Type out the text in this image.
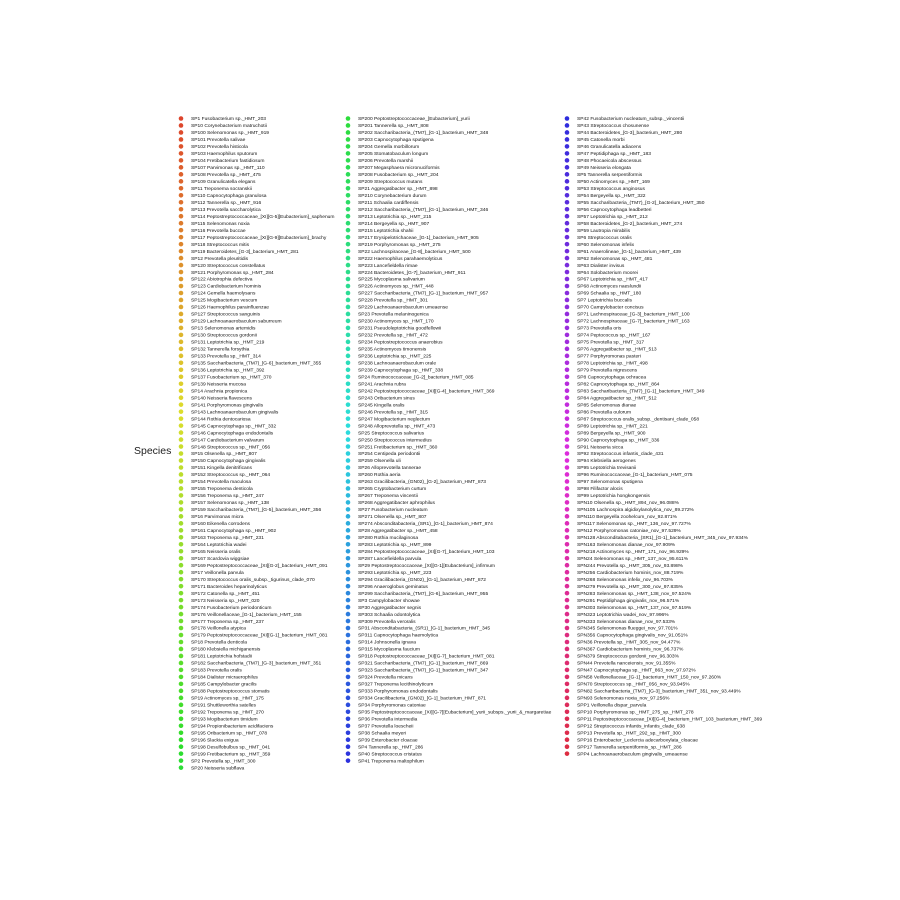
Species
SP1 Fusobacterium sp._HMT_203
SP10 Corynebacterium matruchotii
SP100 Selenomonas sp._HMT_919
SP101 Prevotella salivae
SP102 Prevotella histicola
SP103 Haemophilus sputorum
SP104 Fretibacterium fastidiosum
SP107 Parvimonas sp._HMT_110
SP108 Prevotella sp._HMT_475
SP109 Granulicatella elegans
SP11 Treponema socranskii
SP110 Capnocytophaga granulosa
SP112 Tannerella sp._HMT_916
SP113 Prevotella saccharolytica
SP114 Peptostreptococcaceae_[XI][G-5][Eubacterium]_saphenum
SP115 Selenomonas noxia
SP116 Prevotella buccae
SP117 Peptostreptococcaceae_[XI][G-9][Eubacterium]_brachy
SP118 Streptococcus mitis
SP119 Bacteroidetes_[G-3]_bacterium_HMT_281
SP12 Prevotella pleuritidis
SP120 Streptococcus constellatus
SP121 Porphyromonas sp._HMT_284
SP122 Abiotrophia defectiva
SP123 Cardiobacterium hominis
SP124 Gemella haemolysans
SP125 Mogibacterium vescum
SP126 Haemophilus parainfluenzae
SP127 Streptococcus sanguinis
SP129 Lachnoanaerobaculum saburreum
SP13 Selenomonas artemidis
SP130 Streptococcus gordonii
SP131 Leptotrichia sp._HMT_219
SP132 Tannerella forsythia
SP133 Prevotella sp._HMT_314
SP135 Saccharibacteria_(TM7)_[G-6]_bacterium_HMT_355
SP136 Leptotrichia sp._HMT_392
SP137 Fusobacterium sp._HMT_370
SP139 Neisseria mucosa
SP14 Arachnia propionica
SP140 Neisseria flavescens
SP141 Porphyromonas gingivalis
SP143 Lachnoanaerobaculum gingivalis
SP144 Rothia dentocariosa
SP145 Capnocytophaga sp._HMT_332
SP146 Capnocytophaga endodontalis
SP147 Cardiobacterium valvarum
SP148 Streptococcus sp._HMT_056
SP15 Olsenella sp._HMT_807
SP150 Capnocytophaga gingivalis
SP151 Kingella denitrificans
SP152 Streptococcus sp._HMT_064
SP154 Prevotella maculosa
SP155 Treponema denticola
SP156 Treponema sp._HMT_247
SP157 Selenomonas sp._HMT_138
SP159 Saccharibacteria_(TM7)_[G-5]_bacterium_HMT_356
SP16 Parvimonas micra
SP160 Eikenella corrodens
SP161 Capnocytophaga sp._HMT_902
SP163 Treponema sp._HMT_231
SP164 Leptotrichia wadei
SP165 Neisseria oralis
SP167 Scardovia wiggsiae
SP169 Peptostreptococcaceae_[XI][G-2]_bacterium_HMT_091
SP17 Veillonella parvula
SP170 Streptococcus oralis_subsp._tigurinus_clade_070
SP171 Bacteroides heparinolyticus
SP172 Catonella sp._HMT_451
SP173 Neisseria sp._HMT_020
SP174 Fusobacterium periodonticum
SP176 Veillonellaceae_[G-1]_bacterium_HMT_155
SP177 Treponema sp._HMT_237
SP178 Veillonella atypica
SP179 Peptostreptococcaceae_[XI][G-1]_bacterium_HMT_081
SP18 Prevotella denticola
SP180 Klebsiella michiganensis
SP181 Leptotrichia hofstadii
SP182 Saccharibacteria_(TM7)_[G-3]_bacterium_HMT_351
SP183 Prevotella oralis
SP184 Dialister micraerophilus
SP185 Campylobacter gracilis
SP188 Peptostreptococcus stomatis
SP19 Actinomyces sp._HMT_175
SP191 Shuttleworthia satelles
SP192 Treponema sp._HMT_270
SP193 Mogibacterium timidum
SP194 Propionibacterium acidifaciens
SP195 Oribacterium sp._HMT_078
SP196 Slackia exigua
SP198 Desulfobulbus sp._HMT_041
SP199 Fretibacterium sp._HMT_359
SP2 Prevotella sp._HMT_300
SP20 Neisseria subflava
SP200 Peptostreptococcaceae_[Eubacterium]_yurii
SP201 Tannerella sp._HMT_808
SP202 Saccharibacteria_(TM7)_[G-1]_bacterium_HMT_348
SP203 Capnocytophaga sputigena
SP204 Gemella morbillorum
SP205 Stomatobaculum longum
SP206 Prevotella marshii
SP207 Megasphaera micronuciformis
SP208 Fusobacterium sp._HMT_204
SP209 Streptococcus mutans
SP21 Aggregatibacter sp._HMT_898
SP210 Corynebacterium durum
SP211 Schaalia cardiffensis
SP212 Saccharibacteria_(TM7)_[G-1]_bacterium_HMT_346
SP213 Leptotrichia sp._HMT_215
SP214 Bergeyella sp._HMT_907
SP215 Leptotrichia shahii
SP217 Erysipelotrichaceae_[G-1]_bacterium_HMT_905
SP219 Porphyromonas sp._HMT_275
SP22 Lachnospiraceae_[G-8]_bacterium_HMT_500
SP222 Haemophilus parahaemolyticus
SP223 Lancefieldella rimae
SP224 Bacteroidetes_[G-7]_bacterium_HMT_911
SP225 Mycoplasma salivarium
SP226 Actinomyces sp._HMT_448
SP227 Saccharibacteria_(TM7)_[G-1]_bacterium_HMT_957
SP228 Prevotella sp._HMT_301
SP229 Lachnoanaerobaculum umeaense
SP23 Prevotella melaninogenica
SP230 Actinomyces sp._HMT_170
SP231 Pseudoleptotrichia goodfellowii
SP232 Prevotella sp._HMT_472
SP234 Peptostreptococcus anaerobius
SP235 Actinomyces timonensis
SP236 Leptotrichia sp._HMT_225
SP238 Lachnoanaerobaculum orale
SP239 Capnocytophaga sp._HMT_338
SP24 Ruminococcaceae_[G-2]_bacterium_HMT_085
SP241 Arachnia rubra
SP242 Peptostreptococcaceae_[XI][G-4]_bacterium_HMT_369
SP243 Oribacterium sinus
SP245 Kingella oralis
SP246 Prevotella sp._HMT_315
SP247 Mogibacterium neglectum
SP248 Alloprevotella sp._HMT_473
SP25 Streptococcus salivarius
SP250 Streptococcus intermedius
SP251 Fretibacterium sp._HMT_360
SP254 Centipeda periodontii
SP259 Olsenella uli
SP26 Alloprevotella tannerae
SP260 Rothia aeria
SP263 Gracilibacteria_(GN02)_[G-2]_bacterium_HMT_873
SP265 Cryptobacterium curtum
SP267 Treponema vincentii
SP268 Aggregatibacter aphrophilus
SP27 Fusobacterium nucleatum
SP271 Olsenella sp._HMT_807
SP274 Absconditabacteria_(SR1)_[G-1]_bacterium_HMT_874
SP28 Aggregatibacter sp._HMT_458
SP280 Rothia mucilaginosa
SP283 Leptotrichia sp._HMT_899
SP284 Peptostreptococcaceae_[XI][G-7]_bacterium_HMT_103
SP287 Lancefieldella parvula
SP29 Peptostreptococcaceae_[XI][G-1][Eubacterium]_infirmum
SP293 Leptotrichia sp._HMT_223
SP294 Gracilibacteria_(GN02)_[G-1]_bacterium_HMT_872
SP296 Anaeroglobus geminatus
SP299 Saccharibacteria_(TM7)_[G-6]_bacterium_HMT_955
SP3 Campylobacter showae
SP30 Aggregatibacter segnis
SP303 Schaalia odontolytica
SP309 Prevotella veroralis
SP31 Absconditabacteria_(SR1)_[G-1]_bacterium_HMT_345
SP311 Capnocytophaga haemolytica
SP314 Johnsonella ignava
SP315 Mycoplasma faucium
SP318 Peptostreptococcaceae_[XI][G-7]_bacterium_HMT_081
SP321 Saccharibacteria_(TM7)_[G-1]_bacterium_HMT_869
SP323 Saccharibacteria_(TM7)_[G-1]_bacterium_HMT_347
SP324 Prevotella micans
SP327 Treponema lecithinolyticum
SP333 Porphyromonas endodontalis
SP334 Gracilibacteria_(GN02)_[G-1]_bacterium_HMT_871
SP34 Porphyromonas catoniae
SP35 Peptostreptococcaceae_[XI][G-7][Eubacterium]_yurii_subsps._yurii_&_margaretiae
SP36 Prevotella intermedia
SP37 Prevotella loescheii
SP38 Schaalia meyeri
SP39 Enterobacter cloacae
SP4 Tannerella sp._HMT_286
SP40 Streptococcus cristatus
SP41 Treponema maltophilum
SP42 Fusobacterium nucleatum_subsp._vincentii
SP43 Streptococcus chosunense
SP44 Bacteroidetes_[G-3]_bacterium_HMT_280
SP45 Catonella morbi
SP46 Granulicatella adiacens
SP47 Peptidiphaga sp._HMT_183
SP48 Phocaeicola abscessus
SP49 Neisseria elongata
SP5 Tannerella serpentiformis
SP50 Actinomyces sp._HMT_169
SP53 Streptococcus anginosus
SP54 Bergeyella sp._HMT_322
SP55 Saccharibacteria_(TM7)_[G-2]_bacterium_HMT_350
SP56 Capnocytophaga leadbetteri
SP57 Leptotrichia sp._HMT_212
SP58 Bacteroidetes_[G-2]_bacterium_HMT_274
SP59 Lautropia mirabilis
SP6 Streptococcus oralis
SP60 Selenomonas infelix
SP61 Anaerolineae_[G-1]_bacterium_HMT_439
SP62 Selenomonas sp._HMT_481
SP63 Dialister invisus
SP64 Solobacterium moorei
SP67 Leptotrichia sp._HMT_417
SP68 Actinomyces naeslundii
SP69 Schaalia sp._HMT_180
SP7 Leptotrichia buccalis
SP70 Campylobacter concisus
SP71 Lachnospiraceae_[G-3]_bacterium_HMT_100
SP72 Lachnospiraceae_[G-7]_bacterium_HMT_163
SP73 Prevotella oris
SP74 Peptococcus sp._HMT_167
SP75 Prevotella sp._HMT_317
SP76 Aggregatibacter sp._HMT_513
SP77 Porphyromonas pasteri
SP78 Leptotrichia sp._HMT_498
SP79 Prevotella nigrescens
SP8 Capnocytophaga ochracea
SP82 Capnocytophaga sp._HMT_864
SP83 Saccharibacteria_(TM7)_[G-1]_bacterium_HMT_349
SP84 Aggregatibacter sp._HMT_512
SP85 Selenomonas dianae
SP86 Prevotella oulorum
SP87 Streptococcus oralis_subsp._dentisani_clade_058
SP89 Leptotrichia sp._HMT_221
SP89 Bergeyella sp._HMT_900
SP90 Capnocytophaga sp._HMT_336
SP91 Neisseria sicca
SP92 Streptococcus infantis_clade_431
SP94 Klebsiella aerogenes
SP95 Leptotrichia trevisanii
SP96 Ruminococcaceae_[G-1]_bacterium_HMT_075
SP97 Selenomonas sputigena
SP98 Filifactor alocis
SP99 Leptotrichia hongkongensis
SPN10 Olsenella sp._HMT_894_nov_96.088%
SPN105 Lachnospira algidixylanolytica_nov_89.272%
SPN110 Bergeyella zoohelcum_nov_92.871%
SPN117 Selenomonas sp._HMT_136_nov_97.727%
SPN12 Porphyromonas catoniae_nov_97.529%
SPN128 Absconditabacteria_(SR1)_[G-1]_bacterium_HMT_345_nov_97.934%
SPN163 Selenomonas dianae_nov_97.909%
SPN218 Actinomyces sp._HMT_171_nov_96.929%
SPN24 Selenomonas sp._HMT_137_nov_95.611%
SPN244 Prevotella sp._HMT_305_nov_93.898%
SPN256 Cardiobacterium hominis_nov_88.719%
SPN268 Selenomonas infelix_nov_96.703%
SPN279 Prevotella sp._HMT_300_nov_97.835%
SPN283 Selenomonas sp._HMT_138_nov_97.524%
SPN291 Peptidiphaga gingivalis_nov_96.571%
SPN303 Selenomonas sp._HMT_137_nov_97.519%
SPN323 Leptotrichia wadei_nov_97.996%
SPN333 Selenomonas dianae_nov_97.533%
SPN345 Selenomonas flueggei_nov_97.701%
SPN356 Capnocytophaga gingivalis_nov_91.051%
SPN36 Prevotella sp._HMT_305_nov_94.477%
SPN367 Cardiobacterium hominis_nov_96.737%
SPN379 Streptococcus gordonii_nov_96.303%
SPN44 Prevotella nanceiensis_nov_91.355%
SPN47 Capnocytophaga sp._HMT_863_nov_97.972%
SPN58 Veillonellaceae_[G-1]_bacterium_HMT_150_nov_97.260%
SPN70 Streptococcus sp._HMT_056_nov_93.945%
SPN82 Saccharibacteria_(TM7)_[G-3]_bacterium_HMT_351_nov_93.449%
SPN93 Selenomonas noxia_nov_97.256%
SPP1 Veillonella dispar_parvula
SPP10 Porphyromonas sp._HMT_275_sp._HMT_278
SPP11 Peptostreptococcaceae_[XI][G-4]_bacterium_HMT_103_bacterium_HMT_369
SPP12 Streptococcus infantis_infantis_clade_638
SPP13 Prevotella sp._HMT_292_sp._HMT_300
SPP16 Enterobacter_Leclercia adecarboxylata_cloacae
SPP17 Tannerella serpentiformis_sp._HMT_286
SPP4 Lachnoanaerobaculum gingivalis_umeaense
